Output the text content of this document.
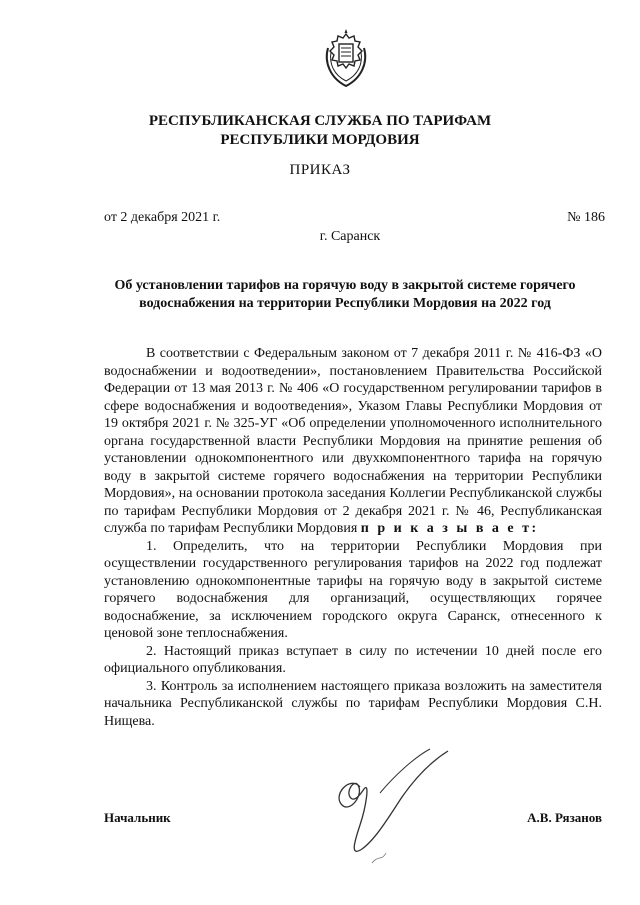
РЕСПУБЛИКАНСКАЯ СЛУЖБА ПО ТАРИФАМ
РЕСПУБЛИКИ МОРДОВИЯ
ПРИКАЗ
от 2 декабря 2021 г.	№ 186
г. Саранск
Об установлении тарифов на горячую воду в закрытой системе горячего
водоснабжения на территории Республики Мордовия на 2022 год

В соответствии с Федеральным законом от 7 декабря 2011 г. № 416-ФЗ «О водоснабжении и водоотведении», постановлением Правительства Российской Федерации от 13 мая 2013 г. № 406 «О государственном регулировании тарифов в сфере водоснабжения и водоотведения», Указом Главы Республики Мордовия от 19 октября 2021 г. № 325-УГ «Об определении уполномоченного исполнительного органа государственной власти Республики Мордовия на принятие решения об установлении однокомпонентного или двухкомпонентного тарифа на горячую воду в закрытой системе горячего водоснабжения на территории Республики Мордовия», на основании протокола заседания Коллегии Республиканской службы по тарифам Республики Мордовия от 2 декабря 2021 г. № 46, Республиканская служба по тарифам Республики Мордовия п р и к а з ы в а е т:

1. Определить, что на территории Республики Мордовия при осуществлении государственного регулирования тарифов на 2022 год подлежат установлению однокомпонентные тарифы на горячую воду в закрытой системе горячего водоснабжения для организаций, осуществляющих горячее водоснабжение, за исключением городского округа Саранск, отнесенного к ценовой зоне теплоснабжения.

2. Настоящий приказ вступает в силу по истечении 10 дней после его официального опубликования.

3. Контроль за исполнением настоящего приказа возложить на заместителя начальника Республиканской службы по тарифам Республики Мордовия С.Н. Нищева.

Начальник	А.В. Рязанов
